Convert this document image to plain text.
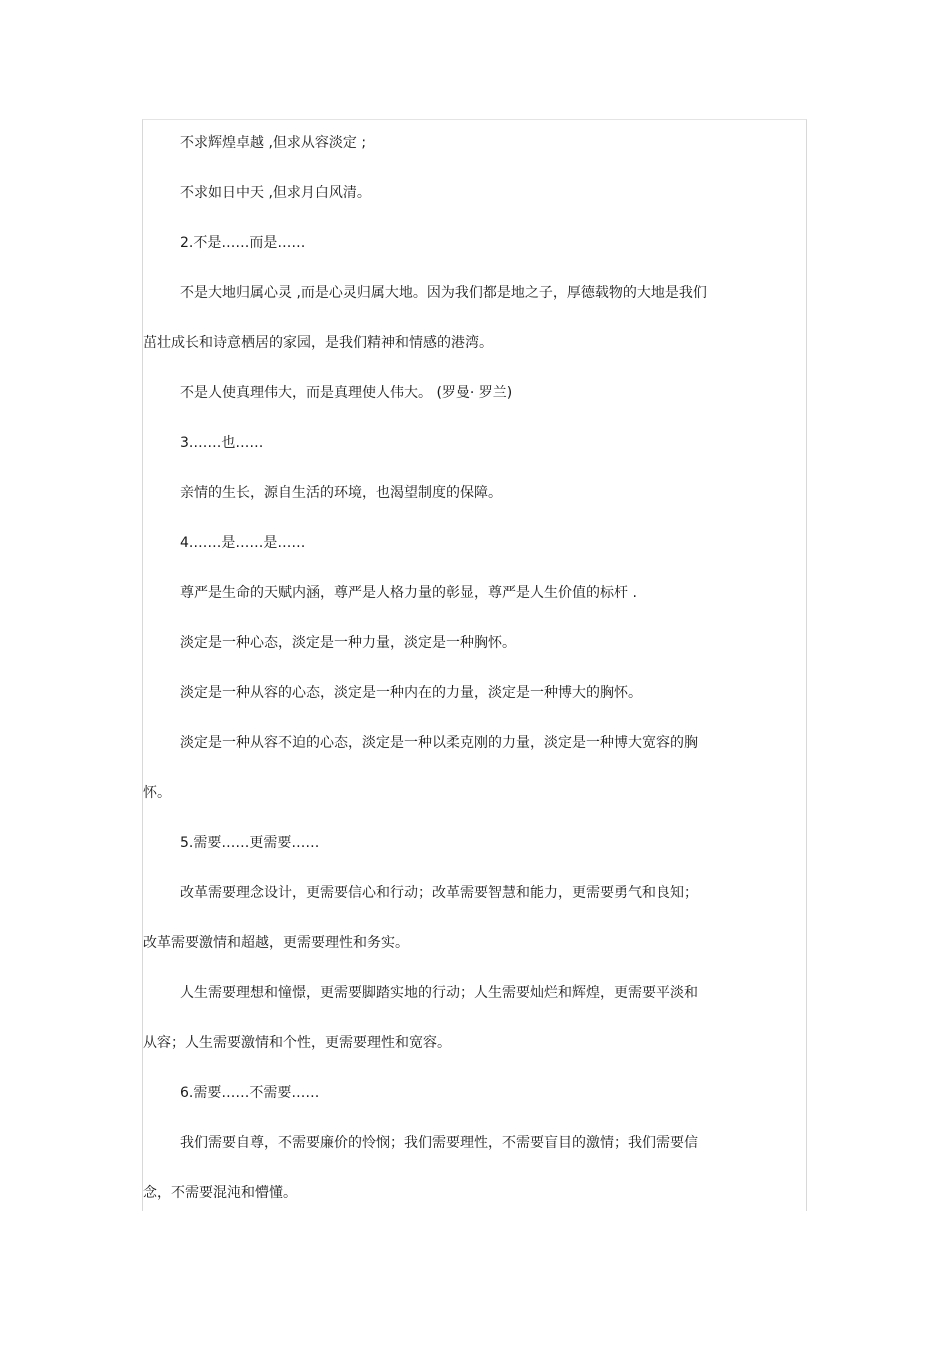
不求辉煌卓越 ,但求从容淡定 ;
不求如日中天 ,但求月白风清。
2.不是……而是……
不是大地归属心灵 ,而是心灵归属大地。因为我们都是地之子，厚德载物的大地是我们
茁壮成长和诗意栖居的家园，是我们精神和情感的港湾。
不是人使真理伟大，而是真理使人伟大。 (罗曼· 罗兰)
3.……也……
亲情的生长，源自生活的环境，也渴望制度的保障。
4.……是……是……
尊严是生命的天赋内涵，尊严是人格力量的彰显，尊严是人生价值的标杆 .
淡定是一种心态，淡定是一种力量，淡定是一种胸怀。
淡定是一种从容的心态，淡定是一种内在的力量，淡定是一种博大的胸怀。
淡定是一种从容不迫的心态，淡定是一种以柔克刚的力量，淡定是一种博大宽容的胸
怀。
5.需要……更需要……
改革需要理念设计，更需要信心和行动；改革需要智慧和能力，更需要勇气和良知；
改革需要激情和超越，更需要理性和务实。
人生需要理想和憧憬，更需要脚踏实地的行动；人生需要灿烂和辉煌，更需要平淡和
从容；人生需要激情和个性，更需要理性和宽容。
6.需要……不需要……
我们需要自尊，不需要廉价的怜悯；我们需要理性，不需要盲目的激情；我们需要信
念，不需要混沌和懵懂。
